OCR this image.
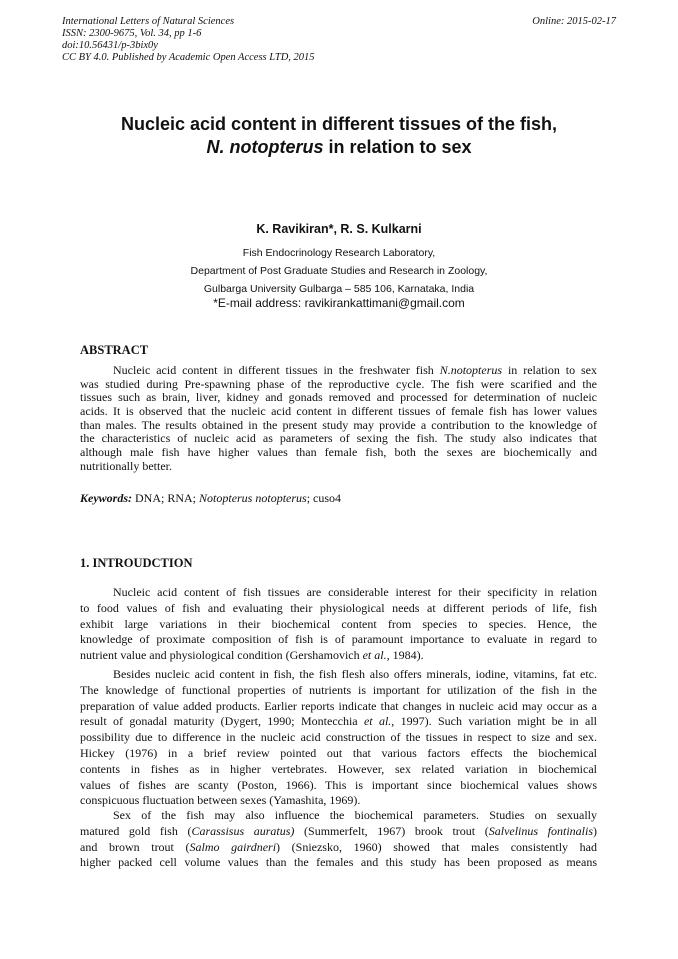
International Letters of Natural Sciences
ISSN: 2300-9675, Vol. 34, pp 1-6
doi:10.56431/p-3bix0y
CC BY 4.0. Published by Academic Open Access LTD, 2015
Online: 2015-02-17
Nucleic acid content in different tissues of the fish,
N. notopterus in relation to sex
K. Ravikiran*, R. S. Kulkarni
Fish Endocrinology Research Laboratory,
Department of Post Graduate Studies and Research in Zoology,
Gulbarga University Gulbarga – 585 106, Karnataka, India
*E-mail address: ravikirankattimani@gmail.com
ABSTRACT
Nucleic acid content in different tissues in the freshwater fish N.notopterus in relation to sex
was studied during Pre-spawning phase of the reproductive cycle. The fish were scarified and the
tissues such as brain, liver, kidney and gonads removed and processed for determination of nucleic
acids. It is observed that the nucleic acid content in different tissues of female fish has lower values
than males. The results obtained in the present study may provide a contribution to the knowledge of
the characteristics of nucleic acid as parameters of sexing the fish. The study also indicates that
although male fish have higher values than female fish, both the sexes are biochemically and
nutritionally better.
Keywords: DNA; RNA; Notopterus notopterus; cuso4
1. INTROUDCTION
Nucleic acid content of fish tissues are considerable interest for their specificity in relation
to food values of fish and evaluating their physiological needs at different periods of life, fish
exhibit large variations in their biochemical content from species to species. Hence, the
knowledge of proximate composition of fish is of paramount importance to evaluate in regard to
nutrient value and physiological condition (Gershamovich et al., 1984).
Besides nucleic acid content in fish, the fish flesh also offers minerals, iodine, vitamins, fat etc.
The knowledge of functional properties of nutrients is important for utilization of the fish in the
preparation of value added products. Earlier reports indicate that changes in nucleic acid may occur as a
result of gonadal maturity (Dygert, 1990; Montecchia et al., 1997). Such variation might be in all
possibility due to difference in the nucleic acid construction of the tissues in respect to size and sex.
Hickey (1976) in a brief review pointed out that various factors effects the biochemical
contents in fishes as in higher vertebrates. However, sex related variation in biochemical
values of fishes are scanty (Poston, 1966). This is important since biochemical values shows
conspicuous fluctuation between sexes (Yamashita, 1969).
Sex of the fish may also influence the biochemical parameters. Studies on sexually
matured gold fish (Carassisus auratus) (Summerfelt, 1967) brook trout (Salvelinus fontinalis)
and brown trout (Salmo gairdneri) (Sniezsko, 1960) showed that males consistently had
higher packed cell volume values than the females and this study has been proposed as means
